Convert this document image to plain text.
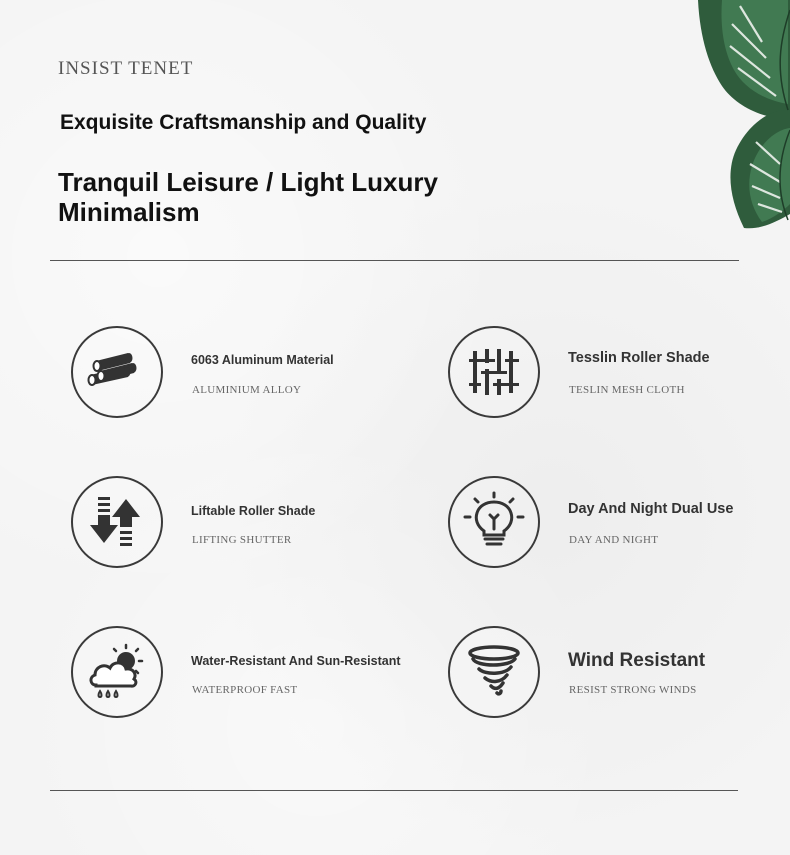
INSIST TENET
Exquisite Craftsmanship and Quality
Tranquil Leisure / Light Luxury
Minimalism
6063 Aluminum Material
ALUMINIUM ALLOY
Tesslin Roller Shade
TESLIN MESH CLOTH
Liftable Roller Shade
LIFTING SHUTTER
Day And Night Dual Use
DAY AND NIGHT
Water-Resistant And Sun-Resistant
WATERPROOF FAST
Wind Resistant
RESIST STRONG WINDS
